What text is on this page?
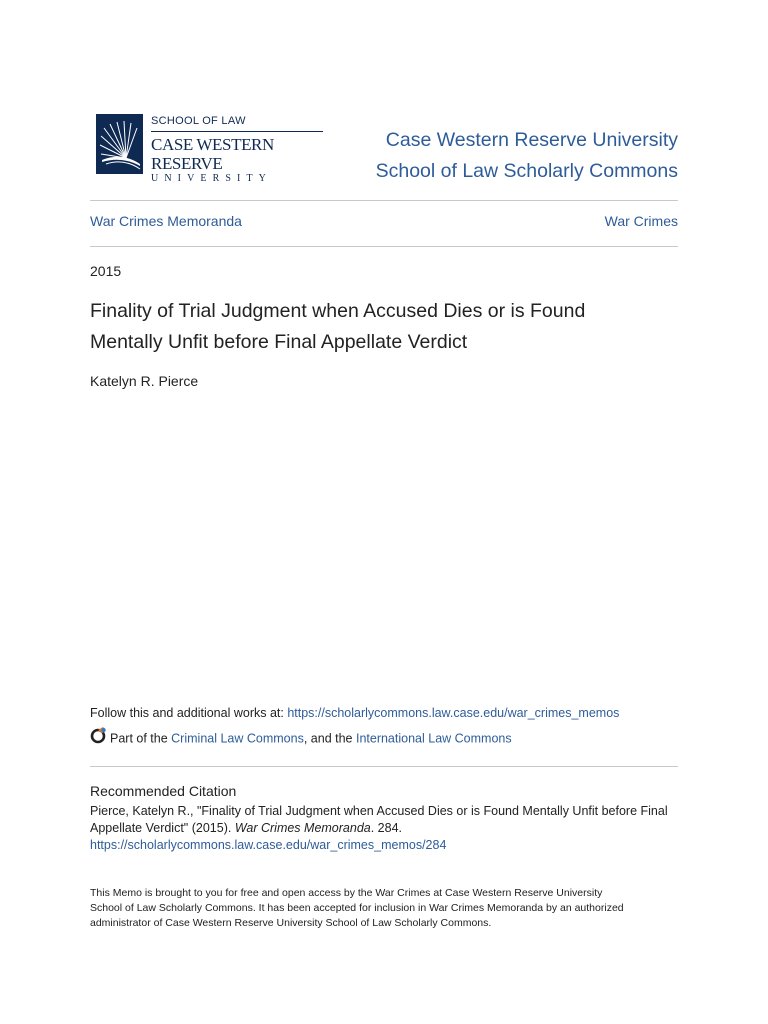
SCHOOL OF LAW
CASE WESTERN RESERVE
UNIVERSITY
Case Western Reserve University
School of Law Scholarly Commons
War Crimes Memoranda	War Crimes
2015
Finality of Trial Judgment when Accused Dies or is Found
Mentally Unfit before Final Appellate Verdict
Katelyn R. Pierce
Follow this and additional works at: https://scholarlycommons.law.case.edu/war_crimes_memos
Part of the Criminal Law Commons, and the International Law Commons
Recommended Citation
Pierce, Katelyn R., "Finality of Trial Judgment when Accused Dies or is Found Mentally Unfit before Final
Appellate Verdict" (2015). War Crimes Memoranda. 284.
https://scholarlycommons.law.case.edu/war_crimes_memos/284
This Memo is brought to you for free and open access by the War Crimes at Case Western Reserve University
School of Law Scholarly Commons. It has been accepted for inclusion in War Crimes Memoranda by an authorized
administrator of Case Western Reserve University School of Law Scholarly Commons.
